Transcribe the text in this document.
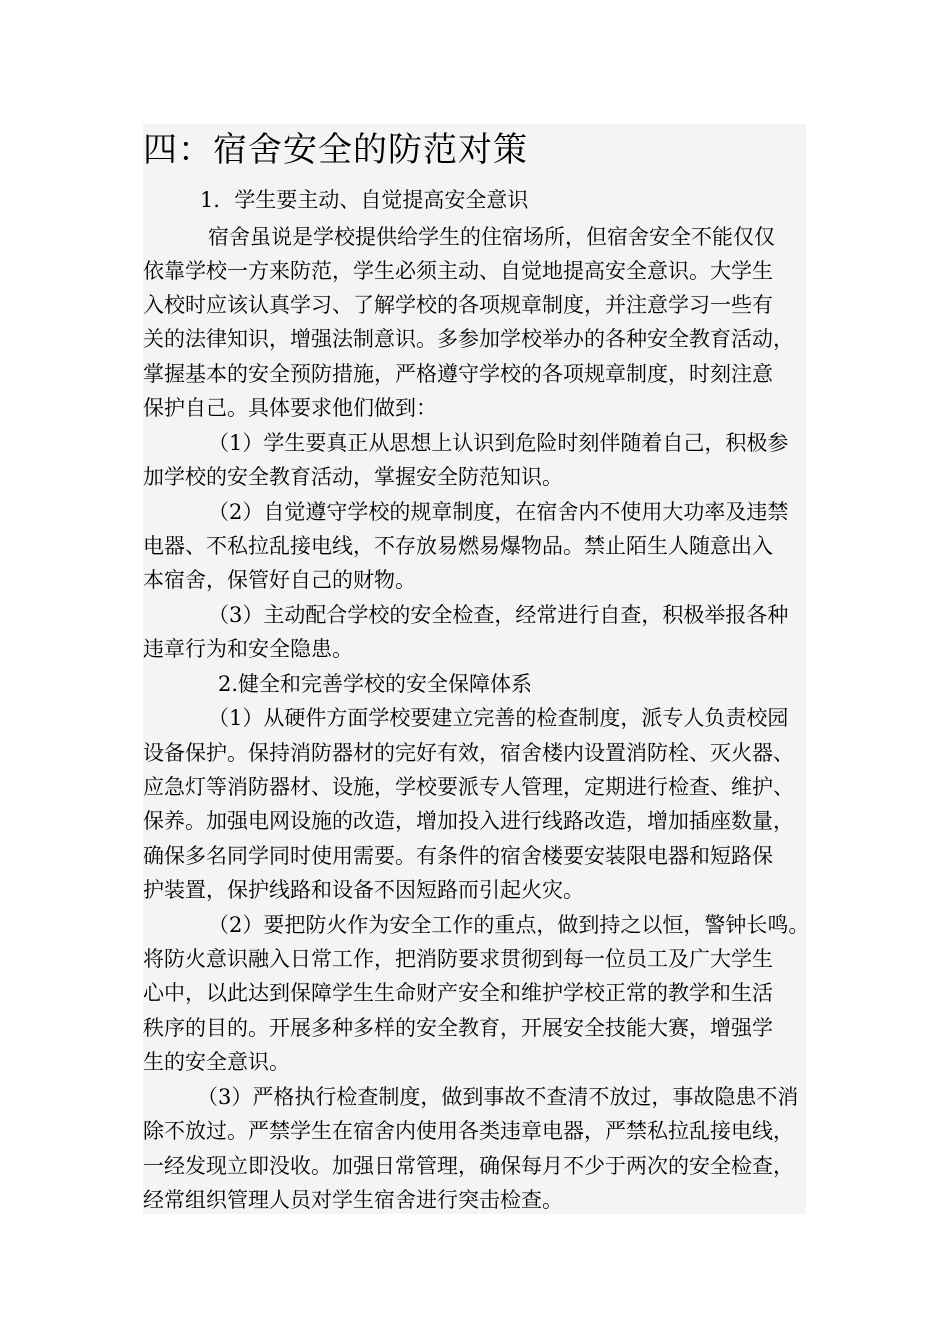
四：宿舍安全的防范对策
1．学生要主动、自觉提高安全意识
宿舍虽说是学校提供给学生的住宿场所，但宿舍安全不能仅仅
依靠学校一方来防范，学生必须主动、自觉地提高安全意识。大学生
入校时应该认真学习、了解学校的各项规章制度，并注意学习一些有
关的法律知识，增强法制意识。多参加学校举办的各种安全教育活动，
掌握基本的安全预防措施，严格遵守学校的各项规章制度，时刻注意
保护自己。具体要求他们做到：
（1）学生要真正从思想上认识到危险时刻伴随着自己，积极参
加学校的安全教育活动，掌握安全防范知识。
（2）自觉遵守学校的规章制度，在宿舍内不使用大功率及违禁
电器、不私拉乱接电线，不存放易燃易爆物品。禁止陌生人随意出入
本宿舍，保管好自己的财物。
（3）主动配合学校的安全检查，经常进行自查，积极举报各种
违章行为和安全隐患。
2.健全和完善学校的安全保障体系
（1）从硬件方面学校要建立完善的检查制度，派专人负责校园
设备保护。保持消防器材的完好有效，宿舍楼内设置消防栓、灭火器、
应急灯等消防器材、设施，学校要派专人管理，定期进行检查、维护、
保养。加强电网设施的改造，增加投入进行线路改造，增加插座数量，
确保多名同学同时使用需要。有条件的宿舍楼要安装限电器和短路保
护装置，保护线路和设备不因短路而引起火灾。
（2）要把防火作为安全工作的重点，做到持之以恒，警钟长鸣。
将防火意识融入日常工作，把消防要求贯彻到每一位员工及广大学生
心中，以此达到保障学生生命财产安全和维护学校正常的教学和生活
秩序的目的。开展多种多样的安全教育，开展安全技能大赛，增强学
生的安全意识。
（3）严格执行检查制度，做到事故不查清不放过，事故隐患不消
除不放过。严禁学生在宿舍内使用各类违章电器，严禁私拉乱接电线，
一经发现立即没收。加强日常管理，确保每月不少于两次的安全检查，
经常组织管理人员对学生宿舍进行突击检查。
